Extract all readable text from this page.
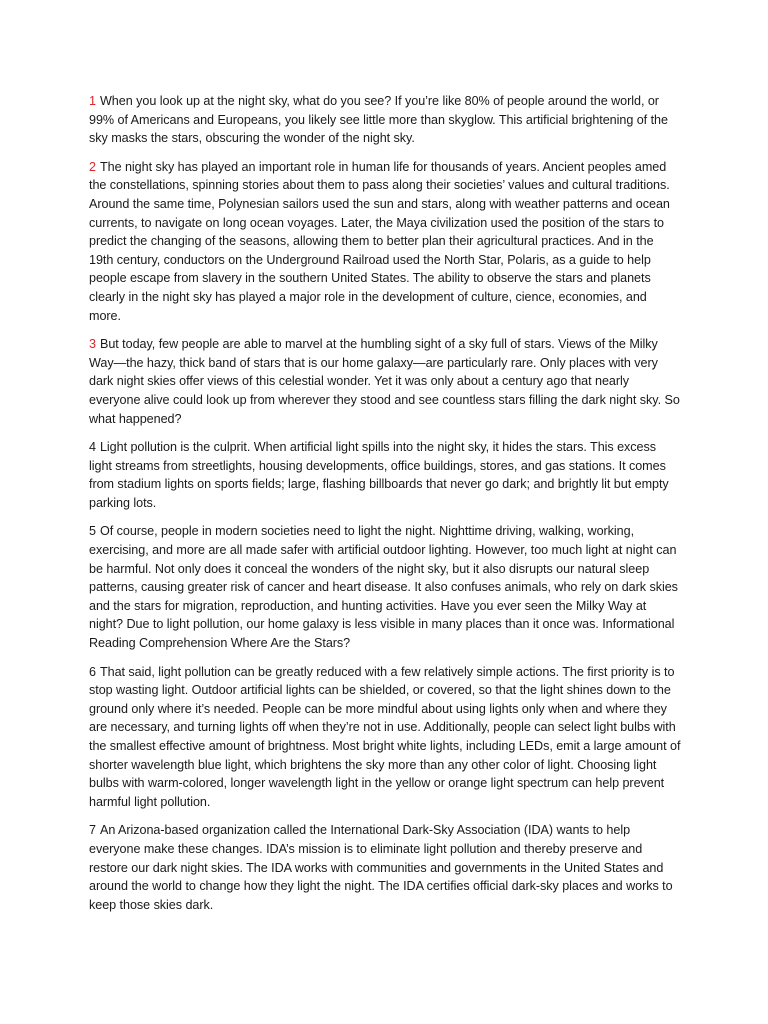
1 When you look up at the night sky, what do you see? If you’re like 80% of people around the world, or 99% of Americans and Europeans, you likely see little more than skyglow. This artificial brightening of the sky masks the stars, obscuring the wonder of the night sky.

2 The night sky has played an important role in human life for thousands of years. Ancient peoples amed the constellations, spinning stories about them to pass along their societies’ values and cultural traditions. Around the same time, Polynesian sailors used the sun and stars, along with weather patterns and ocean currents, to navigate on long ocean voyages. Later, the Maya civilization used the position of the stars to predict the changing of the seasons, allowing them to better plan their agricultural practices. And in the 19th century, conductors on the Underground Railroad used the North Star, Polaris, as a guide to help people escape from slavery in the southern United States. The ability to observe the stars and planets clearly in the night sky has played a major role in the development of culture, cience, economies, and more.

3 But today, few people are able to marvel at the humbling sight of a sky full of stars. Views of the Milky Way—the hazy, thick band of stars that is our home galaxy—are particularly rare. Only places with very dark night skies offer views of this celestial wonder. Yet it was only about a century ago that nearly everyone alive could look up from wherever they stood and see countless stars filling the dark night sky. So what happened?

4 Light pollution is the culprit. When artificial light spills into the night sky, it hides the stars. This excess light streams from streetlights, housing developments, office buildings, stores, and gas stations. It comes from stadium lights on sports fields; large, flashing billboards that never go dark; and brightly lit but empty parking lots.

5 Of course, people in modern societies need to light the night. Nighttime driving, walking, working, exercising, and more are all made safer with artificial outdoor lighting. However, too much light at night can be harmful. Not only does it conceal the wonders of the night sky, but it also disrupts our natural sleep patterns, causing greater risk of cancer and heart disease. It also confuses animals, who rely on dark skies and the stars for migration, reproduction, and hunting activities. Have you ever seen the Milky Way at night? Due to light pollution, our home galaxy is less visible in many places than it once was. Informational Reading Comprehension Where Are the Stars?

6 That said, light pollution can be greatly reduced with a few relatively simple actions. The first priority is to stop wasting light. Outdoor artificial lights can be shielded, or covered, so that the light shines down to the ground only where it’s needed. People can be more mindful about using lights only when and where they are necessary, and turning lights off when they’re not in use. Additionally, people can select light bulbs with the smallest effective amount of brightness. Most bright white lights, including LEDs, emit a large amount of shorter wavelength blue light, which brightens the sky more than any other color of light. Choosing light bulbs with warm-colored, longer wavelength light in the yellow or orange light spectrum can help prevent harmful light pollution.

7 An Arizona-based organization called the International Dark-Sky Association (IDA) wants to help everyone make these changes. IDA’s mission is to eliminate light pollution and thereby preserve and restore our dark night skies. The IDA works with communities and governments in the United States and around the world to change how they light the night. The IDA certifies official dark-sky places and works to keep those skies dark.
